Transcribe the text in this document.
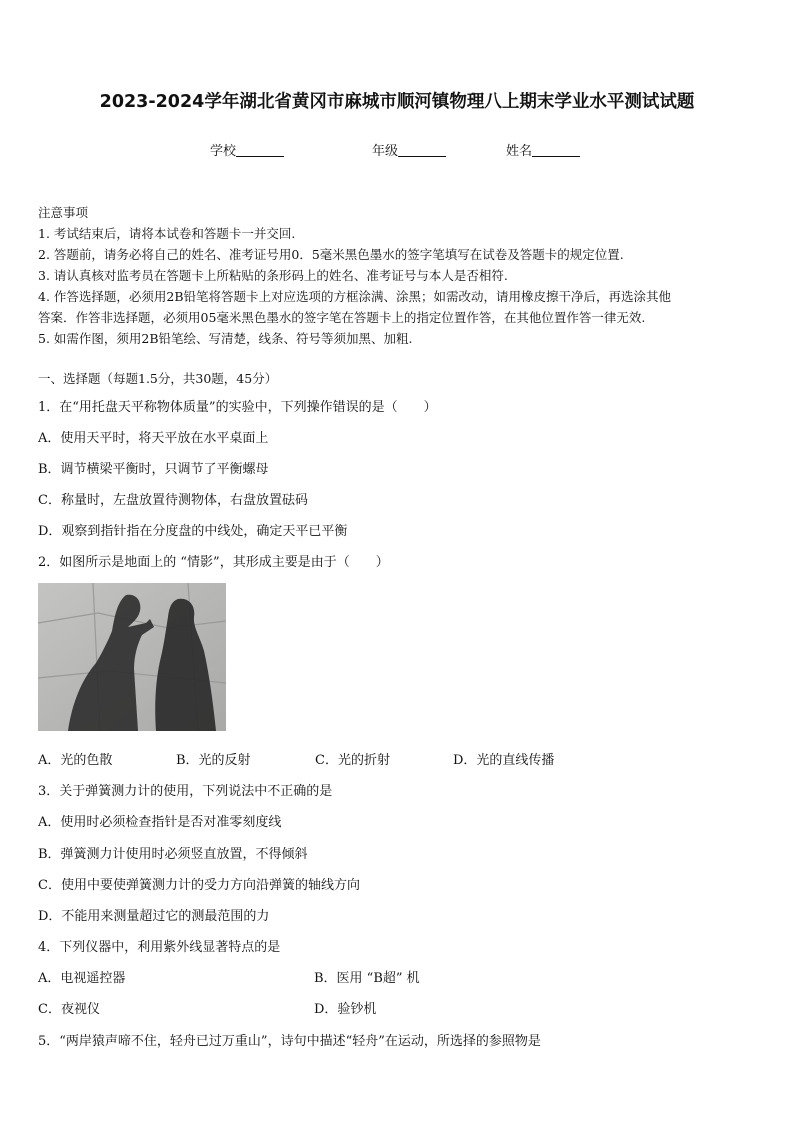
2023-2024学年湖北省黄冈市麻城市顺河镇物理八上期末学业水平测试试题
学校	年级	姓名
注意事项
1. 考试结束后，请将本试卷和答题卡一并交回.
2. 答题前，请务必将自己的姓名、准考证号用0．5毫米黑色墨水的签字笔填写在试卷及答题卡的规定位置.
3. 请认真核对监考员在答题卡上所粘贴的条形码上的姓名、准考证号与本人是否相符.
4. 作答选择题，必须用2B铅笔将答题卡上对应选项的方框涂满、涂黑；如需改动，请用橡皮擦干净后，再选涂其他
答案．作答非选择题，必须用05毫米黑色墨水的签字笔在答题卡上的指定位置作答，在其他位置作答一律无效.
5. 如需作图，须用2B铅笔绘、写清楚，线条、符号等须加黑、加粗.
一、选择题（每题1.5分，共30题，45分）
1．在“用托盘天平称物体质量”的实验中，下列操作错误的是（　　）
A．使用天平时，将天平放在水平桌面上
B．调节横梁平衡时，只调节了平衡螺母
C．称量时，左盘放置待测物体，右盘放置砝码
D．观察到指针指在分度盘的中线处，确定天平已平衡
2．如图所示是地面上的 “情影”，其形成主要是由于（　　）
A．光的色散	B．光的反射	C．光的折射	D．光的直线传播
3．关于弹簧测力计的使用，下列说法中不正确的是
A．使用时必须检查指针是否对准零刻度线
B．弹簧测力计使用时必须竖直放置，不得倾斜
C．使用中要使弹簧测力计的受力方向沿弹簧的轴线方向
D．不能用来测量超过它的测最范围的力
4．下列仪器中，利用紫外线显著特点的是
A．电视遥控器	B．医用 “B超” 机
C．夜视仪	D．验钞机
5．“两岸猿声啼不住，轻舟已过万重山”，诗句中描述“轻舟”在运动，所选择的参照物是
